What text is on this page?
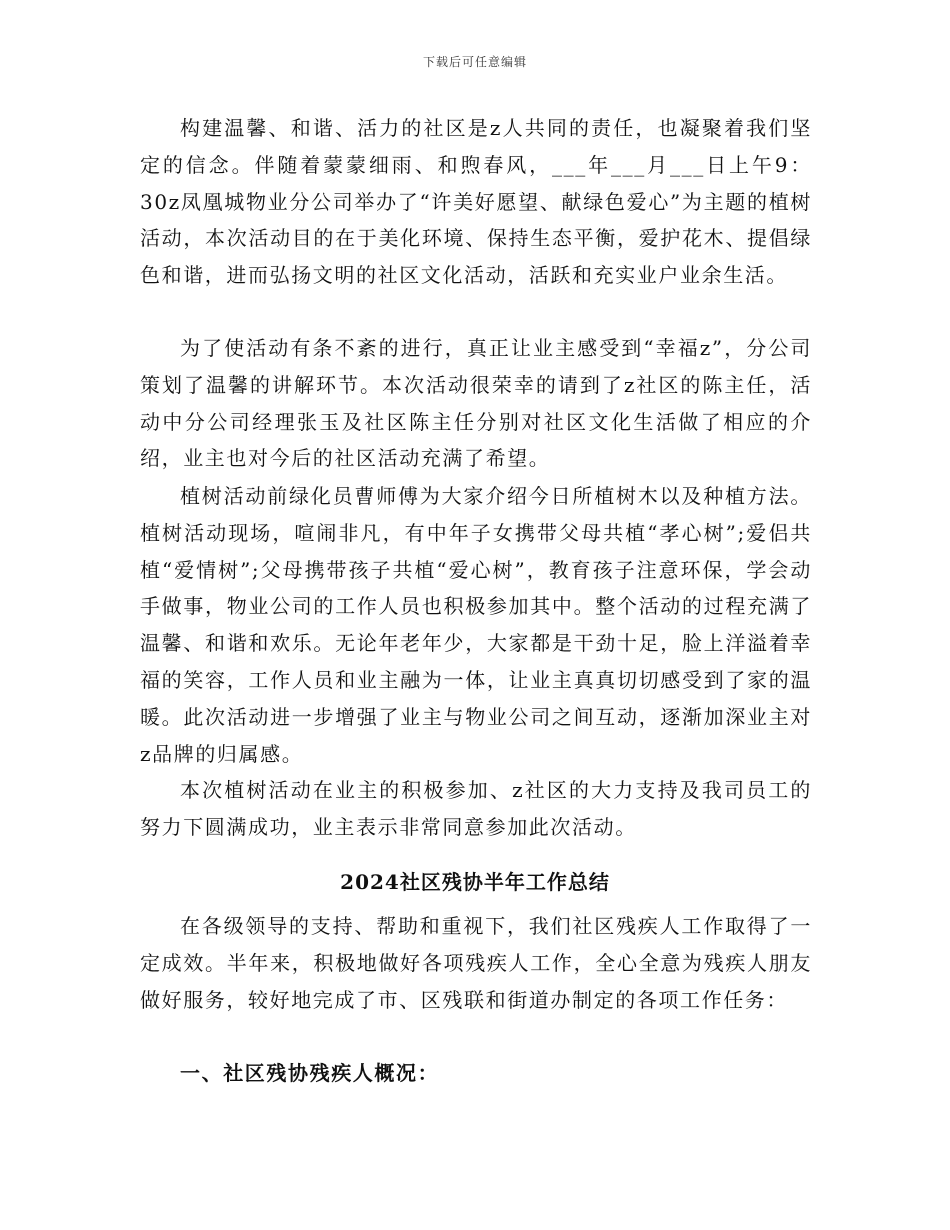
下载后可任意编辑

构建温馨、和谐、活力的社区是z人共同的责任，也凝聚着我们坚定的信念。伴随着蒙蒙细雨、和煦春风，___年___月___日上午9：30z凤凰城物业分公司举办了“许美好愿望、献绿色爱心”为主题的植树活动，本次活动目的在于美化环境、保持生态平衡，爱护花木、提倡绿色和谐，进而弘扬文明的社区文化活动，活跃和充实业户业余生活。

为了使活动有条不紊的进行，真正让业主感受到“幸福z”，分公司策划了温馨的讲解环节。本次活动很荣幸的请到了z社区的陈主任，活动中分公司经理张玉及社区陈主任分别对社区文化生活做了相应的介绍，业主也对今后的社区活动充满了希望。

植树活动前绿化员曹师傅为大家介绍今日所植树木以及种植方法。植树活动现场，喧闹非凡，有中年子女携带父母共植“孝心树”;爱侣共植“爱情树”;父母携带孩子共植“爱心树”，教育孩子注意环保，学会动手做事，物业公司的工作人员也积极参加其中。整个活动的过程充满了温馨、和谐和欢乐。无论年老年少，大家都是干劲十足，脸上洋溢着幸福的笑容，工作人员和业主融为一体，让业主真真切切感受到了家的温暖。此次活动进一步增强了业主与物业公司之间互动，逐渐加深业主对z品牌的归属感。

本次植树活动在业主的积极参加、z社区的大力支持及我司员工的努力下圆满成功，业主表示非常同意参加此次活动。

2024社区残协半年工作总结

在各级领导的支持、帮助和重视下，我们社区残疾人工作取得了一定成效。半年来，积极地做好各项残疾人工作，全心全意为残疾人朋友做好服务，较好地完成了市、区残联和街道办制定的各项工作任务：

一、社区残协残疾人概况：
